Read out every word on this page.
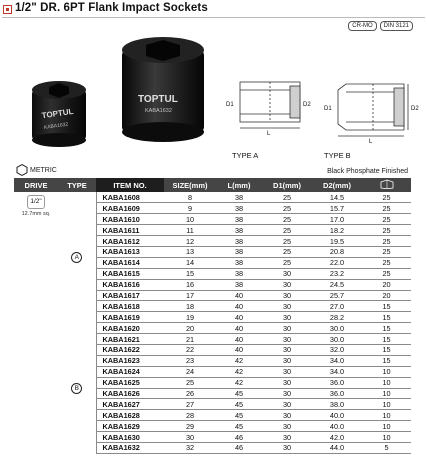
1/2" DR. 6PT Flank Impact Sockets
CR-MO	DIN 3121
TOPTUL
KABA1632
TOPTUL
KABA1632
D1	D2
L
D1	D2
L
TYPE A	TYPE B
METRIC	Black Phosphate Finished
DRIVE	TYPE	ITEM NO.	SIZE(mm)	L(mm)	D1(mm)	D2(mm)	
1/2"
12.7mm sq.	A	KABA1608	8	38	25	14.5	25
		KABA1609	9	38	25	15.7	25
		KABA1610	10	38	25	17.0	25
		KABA1611	11	38	25	18.2	25
		KABA1612	12	38	25	19.5	25
		KABA1613	13	38	25	20.8	25
		KABA1614	14	38	25	22.0	25
		KABA1615	15	38	30	23.2	25
		KABA1616	16	38	30	24.5	20
		KABA1617	17	40	30	25.7	20
		KABA1618	18	40	30	27.0	15
		KABA1619	19	40	30	28.2	15
	B	KABA1620	20	40	30	30.0	15
		KABA1621	21	40	30	30.0	15
		KABA1622	22	40	30	32.0	15
		KABA1623	23	42	30	34.0	15
		KABA1624	24	42	30	34.0	10
		KABA1625	25	42	30	36.0	10
		KABA1626	26	45	30	36.0	10
		KABA1627	27	45	30	38.0	10
		KABA1628	28	45	30	40.0	10
		KABA1629	29	45	30	40.0	10
		KABA1630	30	46	30	42.0	10
		KABA1632	32	46	30	44.0	5
